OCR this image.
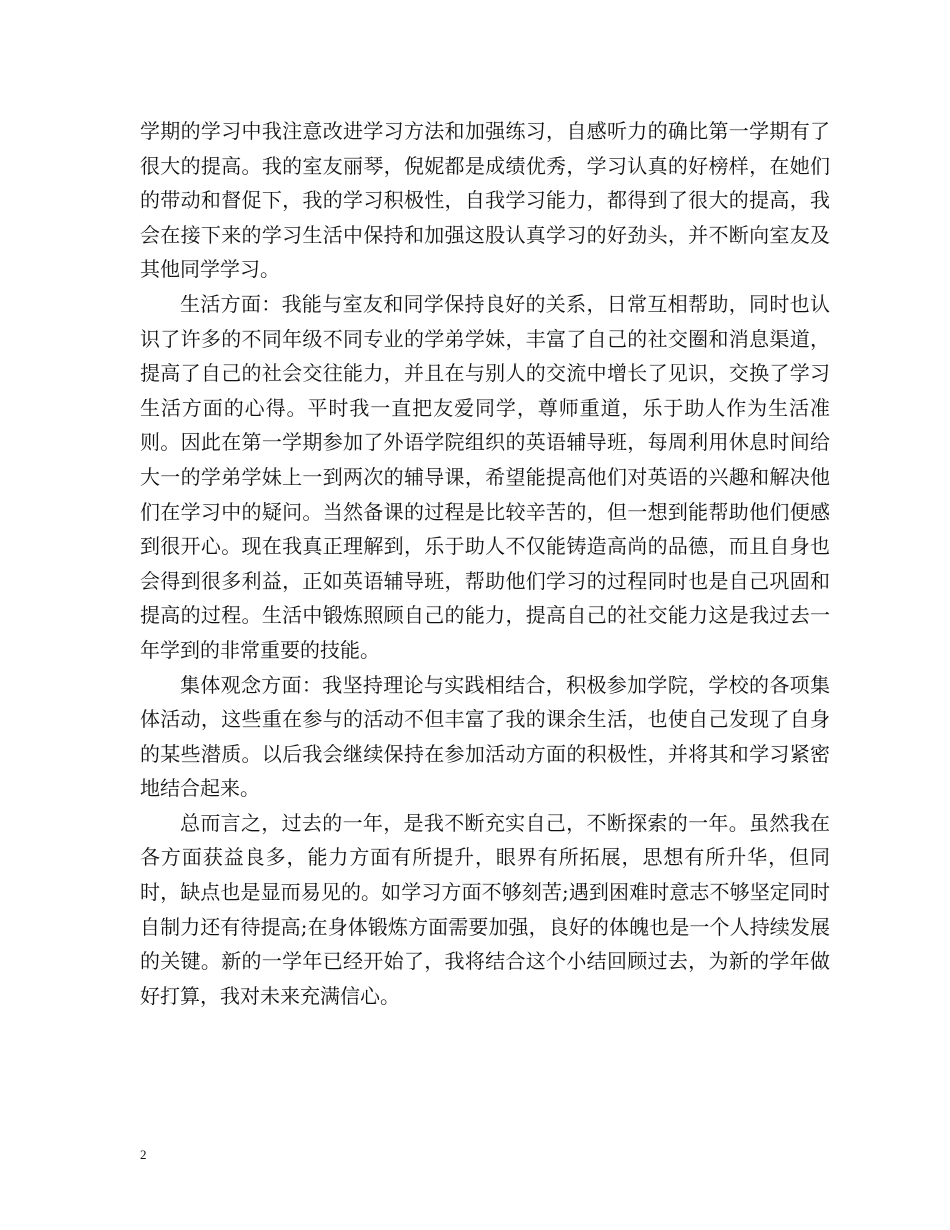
学期的学习中我注意改进学习方法和加强练习，自感听力的确比第一学期有了很大的提高。我的室友丽琴，倪妮都是成绩优秀，学习认真的好榜样，在她们的带动和督促下，我的学习积极性，自我学习能力，都得到了很大的提高，我会在接下来的学习生活中保持和加强这股认真学习的好劲头，并不断向室友及其他同学学习。

生活方面：我能与室友和同学保持良好的关系，日常互相帮助，同时也认识了许多的不同年级不同专业的学弟学妹，丰富了自己的社交圈和消息渠道，提高了自己的社会交往能力，并且在与别人的交流中增长了见识，交换了学习生活方面的心得。平时我一直把友爱同学，尊师重道，乐于助人作为生活准则。因此在第一学期参加了外语学院组织的英语辅导班，每周利用休息时间给大一的学弟学妹上一到两次的辅导课，希望能提高他们对英语的兴趣和解决他们在学习中的疑问。当然备课的过程是比较辛苦的，但一想到能帮助他们便感到很开心。现在我真正理解到，乐于助人不仅能铸造高尚的品德，而且自身也会得到很多利益，正如英语辅导班，帮助他们学习的过程同时也是自己巩固和提高的过程。生活中锻炼照顾自己的能力，提高自己的社交能力这是我过去一年学到的非常重要的技能。

集体观念方面：我坚持理论与实践相结合，积极参加学院，学校的各项集体活动，这些重在参与的活动不但丰富了我的课余生活，也使自己发现了自身的某些潜质。以后我会继续保持在参加活动方面的积极性，并将其和学习紧密地结合起来。

总而言之，过去的一年，是我不断充实自己，不断探索的一年。虽然我在各方面获益良多，能力方面有所提升，眼界有所拓展，思想有所升华，但同时，缺点也是显而易见的。如学习方面不够刻苦;遇到困难时意志不够坚定同时自制力还有待提高;在身体锻炼方面需要加强，良好的体魄也是一个人持续发展的关键。新的一学年已经开始了，我将结合这个小结回顾过去，为新的学年做好打算，我对未来充满信心。

2
